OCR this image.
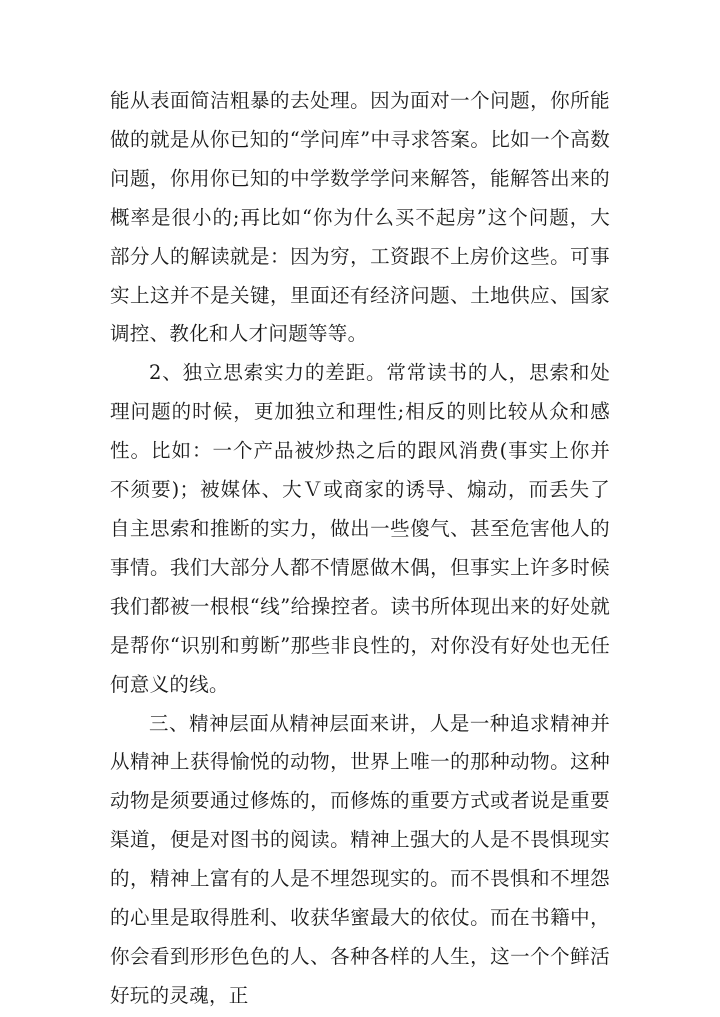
能从表面简洁粗暴的去处理。因为面对一个问题，你所能做的就是从你已知的“学问库”中寻求答案。比如一个高数问题，你用你已知的中学数学学问来解答，能解答出来的概率是很小的;再比如“你为什么买不起房”这个问题，大部分人的解读就是：因为穷，工资跟不上房价这些。可事实上这并不是关键，里面还有经济问题、土地供应、国家调控、教化和人才问题等等。

2、独立思索实力的差距。常常读书的人，思索和处理问题的时候，更加独立和理性;相反的则比较从众和感性。比如：一个产品被炒热之后的跟风消费(事实上你并不须要)；被媒体、大Ｖ或商家的诱导、煽动，而丢失了自主思索和推断的实力，做出一些傻气、甚至危害他人的事情。我们大部分人都不情愿做木偶，但事实上许多时候我们都被一根根“线”给操控者。读书所体现出来的好处就是帮你“识别和剪断”那些非良性的，对你没有好处也无任何意义的线。

三、精神层面从精神层面来讲，人是一种追求精神并从精神上获得愉悦的动物，世界上唯一的那种动物。这种动物是须要通过修炼的，而修炼的重要方式或者说是重要渠道，便是对图书的阅读。精神上强大的人是不畏惧现实的，精神上富有的人是不埋怨现实的。而不畏惧和不埋怨的心里是取得胜利、收获华蜜最大的依仗。而在书籍中，你会看到形形色色的人、各种各样的人生，这一个个鲜活好玩的灵魂，正
